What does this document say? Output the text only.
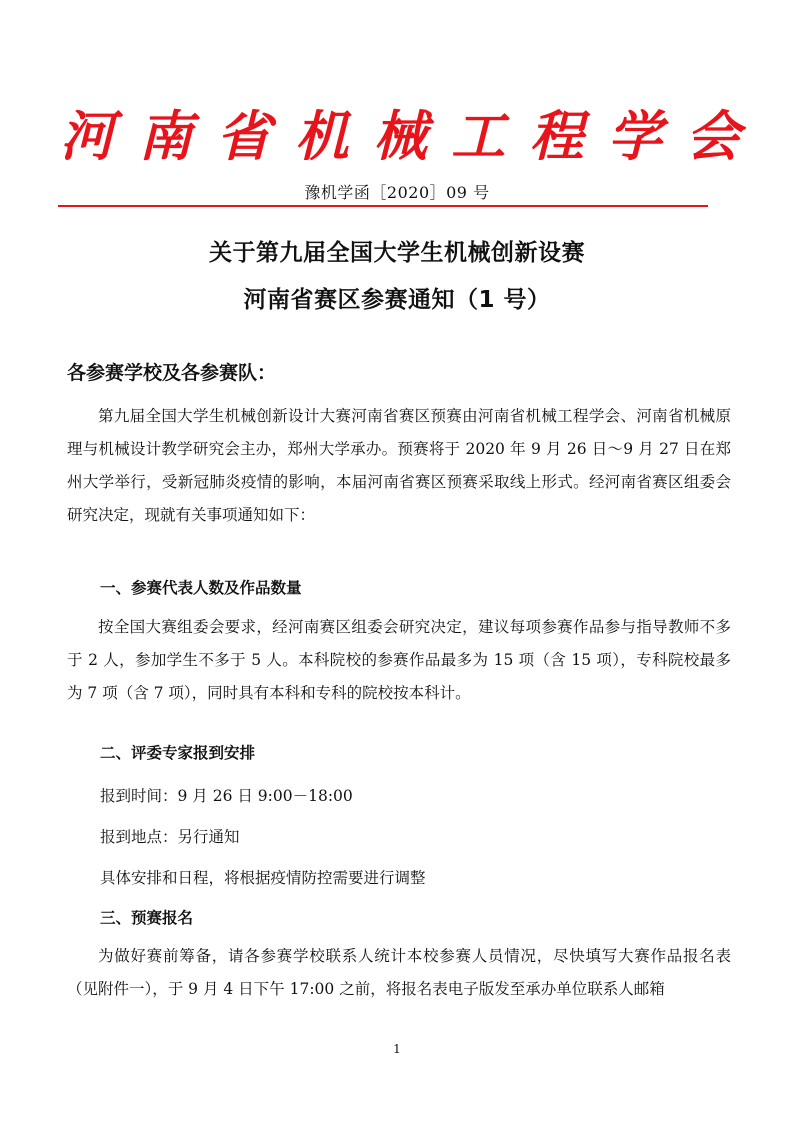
河 南 省 机 械 工 程 学 会
豫机学函［2020］09 号
关于第九届全国大学生机械创新设赛
河南省赛区参赛通知（1 号）
各参赛学校及各参赛队：

第九届全国大学生机械创新设计大赛河南省赛区预赛由河南省机械工程学会、河南省机械原理与机械设计教学研究会主办，郑州大学承办。预赛将于 2020 年 9 月 26 日～9 月 27 日在郑州大学举行，受新冠肺炎疫情的影响，本届河南省赛区预赛采取线上形式。经河南省赛区组委会研究决定，现就有关事项通知如下：

一、参赛代表人数及作品数量

按全国大赛组委会要求，经河南赛区组委会研究决定，建议每项参赛作品参与指导教师不多于 2 人，参加学生不多于 5 人。本科院校的参赛作品最多为 15 项（含 15 项），专科院校最多为 7 项（含 7 项），同时具有本科和专科的院校按本科计。

二、评委专家报到安排
报到时间：9 月 26 日 9:00－18:00
报到地点：另行通知
具体安排和日程，将根据疫情防控需要进行调整
三、预赛报名

为做好赛前筹备，请各参赛学校联系人统计本校参赛人员情况，尽快填写大赛作品报名表（见附件一），于 9 月 4 日下午 17:00 之前，将报名表电子版发至承办单位联系人邮箱

1
